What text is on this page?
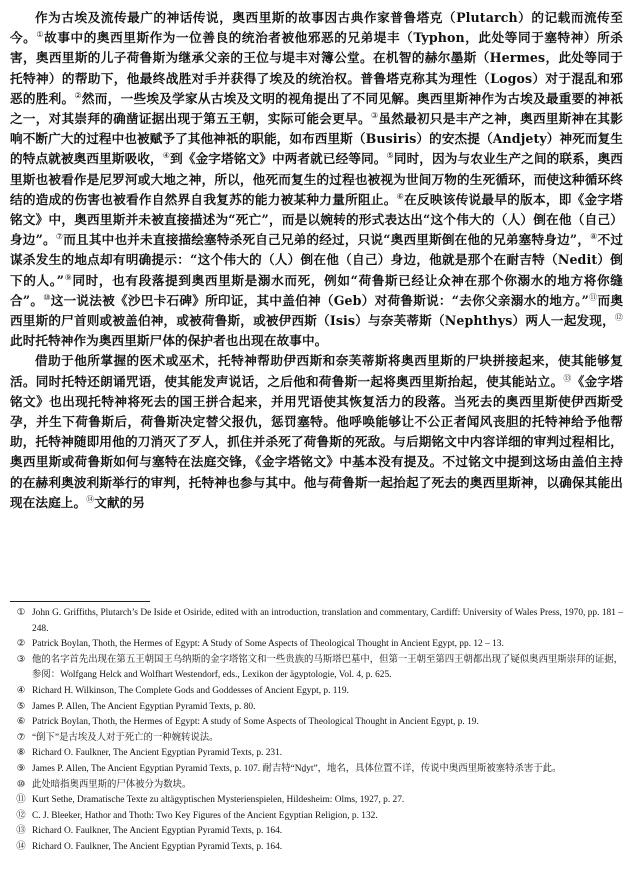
作为古埃及流传最广的神话传说，奥西里斯的故事因古典作家普鲁塔克（Plutarch）的记载而流传至今。①故事中的奥西里斯作为一位善良的统治者被他邪恶的兄弟堤丰（Typhon，此处等同于塞特神）所杀害，奥西里斯的儿子荷鲁斯为继承父亲的王位与堤丰对簿公堂。在机智的赫尔墨斯（Hermes，此处等同于托特神）的帮助下，他最终战胜对手并获得了埃及的统治权。普鲁塔克称其为理性（Logos）对于混乱和邪恶的胜利。②然而，一些埃及学家从古埃及文明的视角提出了不同见解。奥西里斯神作为古埃及最重要的神祇之一，对其崇拜的确凿证据出现于第五王朝，实际可能会更早。③虽然最初只是丰产之神，奥西里斯神在其影响不断广大的过程中也被赋予了其他神祇的职能，如布西里斯（Busiris）的安杰提（Andjety）神死而复生的特点就被奥西里斯吸收，④到《金字塔铭文》中两者就已经等同。⑤同时，因为与农业生产之间的联系，奥西里斯也被看作是尼罗河或大地之神，所以，他死而复生的过程也被视为世间万物的生死循环，而使这种循环终结的造成的伤害也被看作自然界自我复苏的能力被某种力量所阻止。⑥在反映该传说最早的版本，即《金字塔铭文》中，奥西里斯并未被直接描述为“死亡”，而是以婉转的形式表达出“这个伟大的（人）倒在他（自己）身边”。⑦而且其中也并未直接描绘塞特杀死自己兄弟的经过，只说“奥西里斯倒在他的兄弟塞特身边”，⑧不过谋杀发生的地点却有明确提示：“这个伟大的（人）倒在他（自己）身边，他就是那个在耐吉特（Nedit）倒下的人。”⑨同时，也有段落提到奥西里斯是溺水而死，例如“荷鲁斯已经让众神在那个你溺水的地方将你缝合”。⑩这一说法被《沙巴卡石碑》所印证，其中盖伯神（Geb）对荷鲁斯说：“去你父亲溺水的地方。”⑪而奥西里斯的尸首则或被盖伯神，或被荷鲁斯，或被伊西斯（Isis）与奈芙蒂斯（Nephthys）两人一起发现，⑫此时托特神作为奥西里斯尸体的保护者也出现在故事中。

借助于他所掌握的医术或巫术，托特神帮助伊西斯和奈芙蒂斯将奥西里斯的尸块拼接起来，使其能够复活。同时托特还朗诵咒语，使其能发声说话，之后他和荷鲁斯一起将奥西里斯抬起，使其能站立。⑬《金字塔铭文》也出现托特神将死去的国王拼合起来，并用咒语使其恢复活力的段落。当死去的奥西里斯使伊西斯受孕，并生下荷鲁斯后，荷鲁斯决定替父报仇，惩罚塞特。他呼唤能够让不公正者闻风丧胆的托特神给予他帮助，托特神随即用他的刀消灭了歹人，抓住并杀死了荷鲁斯的死敌。与后期铭文中内容详细的审判过程相比，奥西里斯或荷鲁斯如何与塞特在法庭交锋，《金字塔铭文》中基本没有提及。不过铭文中提到这场由盖伯主持的在赫利奥波利斯举行的审判，托特神也参与其中。他与荷鲁斯一起抬起了死去的奥西里斯神，以确保其能出现在法庭上。⑭文献的另

① John G. Griffiths, Plutarch’s De Iside et Osiride, edited with an introduction, translation and commentary, Cardiff: University of Wales Press, 1970, pp. 181 – 248.

② Patrick Boylan, Thoth, the Hermes of Egypt: A Study of Some Aspects of Theological Thought in Ancient Egypt, pp. 12 – 13.

③ 他的名字首先出现在第五王朝国王乌纳斯的金字塔铭文和一些贵族的马斯塔巴墓中，但第一王朝至第四王朝都出现了疑似奥西里斯崇拜的证据，参阅：Wolfgang Helck and Wolfhart Westendorf, eds., Lexikon der ägyptologie, Vol. 4, p. 625.

④ Richard H. Wilkinson, The Complete Gods and Goddesses of Ancient Egypt, p. 119.

⑤ James P. Allen, The Ancient Egyptian Pyramid Texts, p. 80.

⑥ Patrick Boylan, Thoth, the Hermes of Egypt: A study of Some Aspects of Theological Thought in Ancient Egypt, p. 19.

⑦ “倒下”是古埃及人对于死亡的一种婉转说法。

⑧ Richard O. Faulkner, The Ancient Egyptian Pyramid Texts, p. 231.

⑨ James P. Allen, The Ancient Egyptian Pyramid Texts, p. 107. 耐吉特“Nḏyt”，地名，具体位置不详，传说中奥西里斯被塞特杀害于此。

⑩ 此处暗指奥西里斯的尸体被分为数块。

⑪ Kurt Sethe, Dramatische Texte zu altägyptischen Mysterienspielen, Hildesheim: Olms, 1927, p. 27.

⑫ C. J. Bleeker, Hathor and Thoth: Two Key Figures of the Ancient Egyptian Religion, p. 132.

⑬ Richard O. Faulkner, The Ancient Egyptian Pyramid Texts, p. 164.

⑭ Richard O. Faulkner, The Ancient Egyptian Pyramid Texts, p. 164.
